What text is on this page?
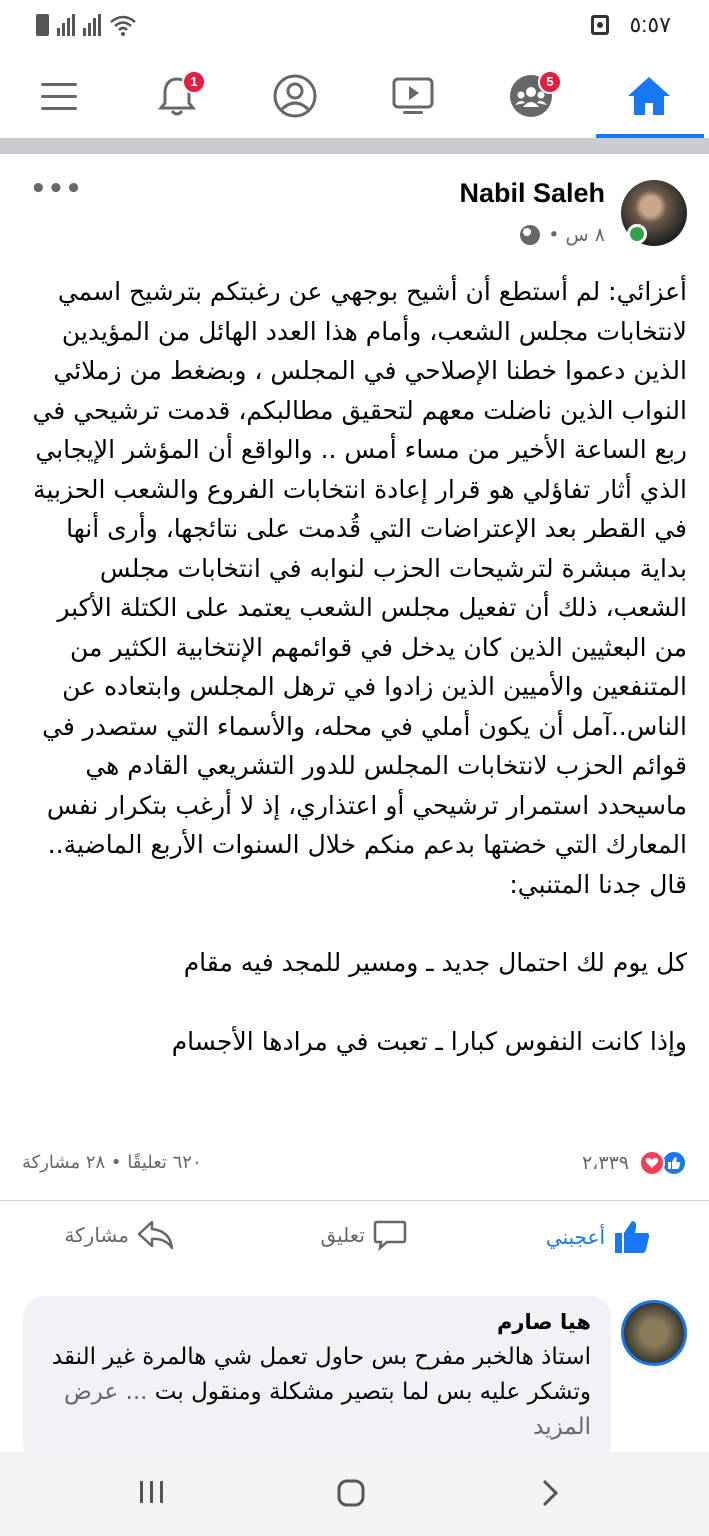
٥:٥٧
1	5
Nabil Saleh
٨ س •
•••

أعزائي: لم أستطع أن أشيح بوجهي عن رغبتكم بترشيح اسمي لانتخابات مجلس الشعب، وأمام هذا العدد الهائل من المؤيدين الذين دعموا خطنا الإصلاحي في المجلس ، وبضغط من زملائي النواب الذين ناضلت معهم لتحقيق مطالبكم، قدمت ترشيحي في ربع الساعة الأخير من مساء أمس .. والواقع أن المؤشر الإيجابي الذي أثار تفاؤلي هو قرار إعادة انتخابات الفروع والشعب الحزبية في القطر بعد الإعتراضات التي قُدمت على نتائجها، وأرى أنها بداية مبشرة لترشيحات الحزب لنوابه في انتخابات مجلس الشعب، ذلك أن تفعيل مجلس الشعب يعتمد على الكتلة الأكبر من البعثيين الذين كان يدخل في قوائمهم الإنتخابية الكثير من المتنفعين والأميين الذين زادوا في ترهل المجلس وابتعاده عن الناس..آمل أن يكون أملي في محله، والأسماء التي ستصدر في قوائم الحزب لانتخابات المجلس للدور التشريعي القادم هي ماسيحدد استمرار ترشيحي أو اعتذاري، إذ لا أرغب بتكرار نفس المعارك التي خضتها بدعم منكم خلال السنوات الأربع الماضية.. قال جدنا المتنبي:

كل يوم لك احتمال جديد ـ ومسير للمجد فيه مقام

وإذا كانت النفوس كبارا ـ تعبت في مرادها الأجسام

٢،٣٣٩
٦٢٠ تعليقًا • ٢٨ مشاركة
أعجبني
تعليق
مشاركة
هيا صارم
استاذ هالخبر مفرح بس حاول تعمل شي هالمرة غير النقد وتشكر عليه بس لما بتصير مشكلة ومنقول بت ... عرض المزيد
